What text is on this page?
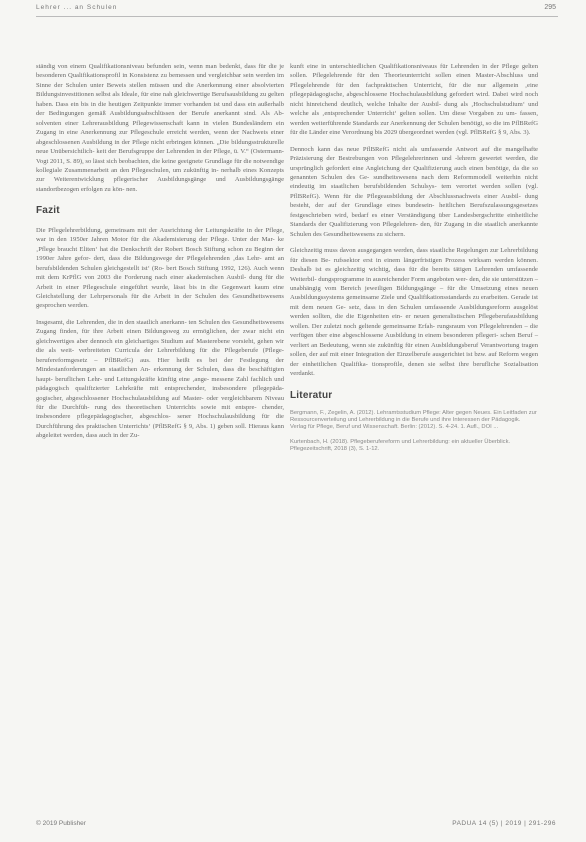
Lehrer ... an Schulen	295

ständig von einem Qualifikationsniveau befunden sein, wenn man bedenkt, dass für die je besonderen Qualifikationsprofil in Konsistenz zu bemessen und vergleichbar sein werden im Sinne der Schulen unter Beweis stellen müssen und die Anerkennung einer absolvierten Bildungsinvestitionen selbst als Ideale, für eine nah gleichwertige Berufsausbildung zu gelten haben. Dass ein bis in die heutigen Zeitpunkte immer vorhanden ist und dass ein außerhalb der Bedingungen gemäß Ausbildungsabschlüssen der Berufe anerkannt sind. Als Ab- solventen einer Lehrerausbildung Pflegewissenschaft kann in vielen Bundesländern ein Zugang in eine Anerkennung zur Pflegeschule erreicht werden, wenn der Nachweis einer abgeschlossenen Ausbildung in der Pflege nicht erbringen können. „Die bildungsstrukturelle neue Unübersichtlich- keit der Berufsgruppe der Lehrenden in der Pflege, ü. V.“ (Ostermann-Vogt 2011, S. 89), so lässt sich beobachten, die keine geeignete Grundlage für die notwendige kollegiale Zusammenarbeit an den Pflegeschulen, um zukünftig in- nerhalb eines Konzepts zur Weiterentwicklung pflegerischer Ausbildungsgänge und Ausbildungsgänge standortbezogen erfolgen zu kön- nen.

Fazit

Die Pflegelehrerbildung, gemeinsam mit der Ausrichtung der Leitungskräfte in der Pflege, war in den 1950er Jahren Motor für die Akademisierung der Pflege. Unter der Mar- ke ‚Pflege braucht Eliten‘ hat die Denkschrift der Robert Bosch Stiftung schon zu Beginn der 1990er Jahre gefor- dert, dass die Bildungswege der Pflegelehrenden ‚das Lehr- amt an berufsbildenden Schulen gleichgestellt ist‘ (Ro- bert Bosch Stiftung 1992, 126). Auch wenn mit dem KrPflG von 2003 die Forderung nach einer akademischen Ausbil- dung für die Arbeit in einer Pflegeschule eingeführt wurde, lässt bis in die Gegenwart kaum eine Gleichstellung der Lehrpersonals für die Arbeit in der Schulen des Gesundheitswesens gesprochen werden.

Insgesamt, die Lehrenden, die in den staatlich anerkann- ten Schulen des Gesundheitswesens Zugang finden, für ihre Arbeit einen Bildungsweg zu ermöglichen, der zwar nicht ein gleichwertiges aber dennoch ein gleichartiges Studium auf Masterebene vorsieht, gehen wir die als weit- verbreiteten Curricula der Lehrerbildung für die Pflegeberufe (Pflege- berufereformgesetz – PflBRefG) aus. Hier heißt es bei der Festlegung der Mindestanforderungen an staatlichen An- erkennung der Schulen, dass die beschäftigten haupt- beruflichen Lehr- und Leitungskräfte künftig eine ‚ange- messene Zahl fachlich und pädagogisch qualifizierter Lehrkräfte mit entsprechender, insbesondere pflegepäda- gogischer, abgeschlossener Hochschulausbildung auf Master- oder vergleichbarem Niveau für die Durchfüh- rung des theoretischen Unterrichts sowie mit entspre- chender, insbesondere pflegepädagogischer, abgeschlos- sener Hochschulausbildung für die Durchführung des praktischen Unterrichts‘ (PflBRefG § 9, Abs. 1) geben soll. Hieraus kann abgeleitet werden, dass auch in der Zu-

kunft eine in unterschiedlichen Qualifikationsniveaus für Lehrenden in der Pflege gelten sollen. Pflegelehrende für den Theorieunterricht sollen einen Master-Abschluss und Pflegelehrende für den fachpraktischen Unterricht, für die nur allgemein ‚eine pflegepädagogische, abgeschlossene Hochschulausbildung gefordert wird. Dabei wird noch nicht hinreichend deutlich, welche Inhalte der Ausbil- dung als ‚Hochschulstudium‘ und welche als ‚entsprechender Unterricht‘ gelten sollen. Um diese Vorgaben zu um- fassen, werden weiterführende Standards zur Anerkennung der Schulen benötigt, so die im PflBRefG für die Länder eine Verordnung bis 2029 übergeordnet werden (vgl. PflBRefG § 9, Abs. 3).

Dennoch kann das neue PflBRefG nicht als umfassende Antwort auf die mangelhafte Präzisierung der Bestrebungen von Pflegelehrerinnen und -lehrern gewertet werden, die ursprünglich gefordert eine Angleichung der Qualifizierung auch einen benötige, da die so genannten Schulen des Ge- sundheitswesens nach dem Reformmodell weiterhin nicht eindeutig im staatlichen berufsbildenden Schulsys- tem verortet werden sollen (vgl. PflBRefG). Wenn für die Pflegeausbildung der Abschlussnachweis einer Ausbil- dung besteht, der auf der Grundlage eines bundesein- heitlichen Berufszulassungsgesetzes festgeschrieben wird, bedarf es einer Verständigung über Landesbergschritte einheitliche Standards der Qualifizierung von Pflegelehren- den, für Zugang in die staatlich anerkannte Schulen des Gesundheitswesens zu sichern.

Gleichzeitig muss davon ausgegangen werden, dass staatliche Regelungen zur Lehrerbildung für diesen Be- rufssektor erst in einem längerfristigen Prozess wirksam werden können. Deshalb ist es gleichzeitig wichtig, dass für die bereits tätigen Lehrenden umfassende Weiterbil- dungsprogramme in ausreichender Form angeboten wer- den, die sie unterstützen – unabhängig vom Bereich jeweiligen Bildungsgänge – für die Umsetzung eines neuen Ausbildungssystems gemeinsame Ziele und Qualifikationsstandards zu erarbeiten. Gerade ist mit dem neuen Ge- setz, dass in den Schulen umfassende Ausbildungsreform ausgelöst werden sollten, die die Eigenheiten ein- er neuen generalistischen Pflegeberufausbildung wollen. Der zuletzt noch geltende gemeinsame Erfah- rungsraum von Pflegelehrenden – die verfügen über eine abgeschlossene Ausbildung in einem besonderen pflegeri- schen Beruf – verliert an Bedeutung, wenn sie zukünftig für einen Ausbildungsberuf Verantwortung tragen sollen, der auf mit einer Integration der Einzelberufe ausgerichtet ist bzw. auf Reform wegen der einheitlichen Qualifika- tionsprofile, denen sie selbst ihre berufliche Sozialisation verdankt.

Literatur

Bergmann, F., Zegelin, A. (2012). Lehramtsstudium Pflege: Alter gegen Neues. Ein Leitfaden zur Ressourcenverteilung und Lehrerbildung in die Berufe und ihre Interessen der Pädagogik. Verlag für Pflege, Beruf und Wissenschaft. Berlin: (2012). S. 4-24. 1. Aufl., DOI ...

Kurtenbach, H. (2018). Pflegeberufereform und Lehrerbildung: ein aktueller Überblick. Pflegezeitschrift, 2018 (3), S. 1-12.

© 2019 Publisher	PADUA 14 (5) | 2019 | 291-296
